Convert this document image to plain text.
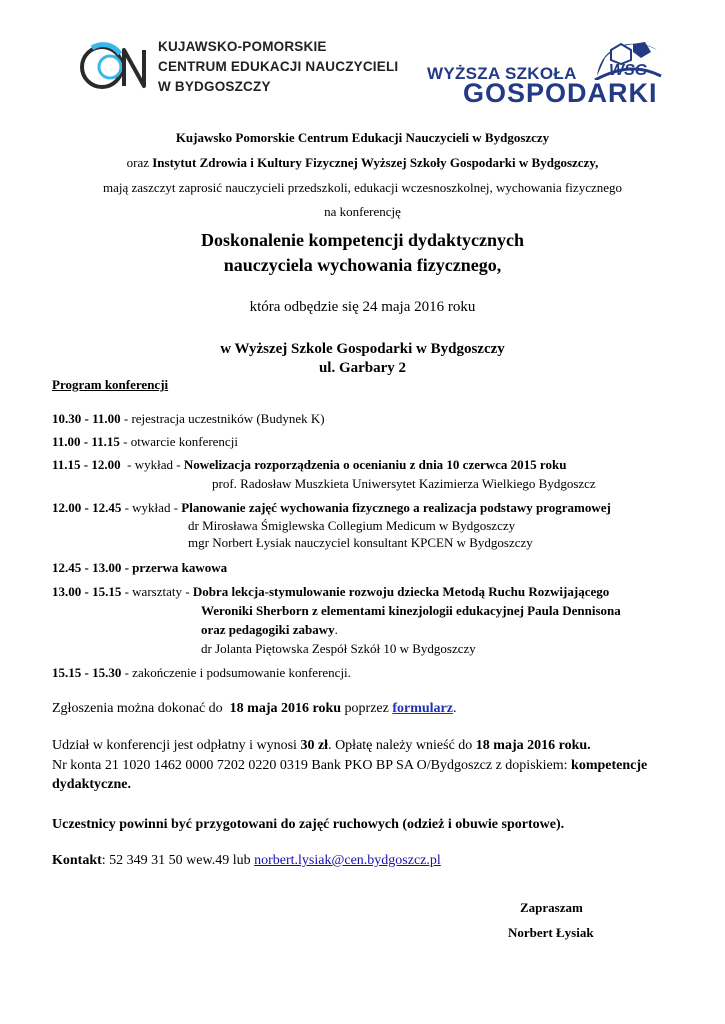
KUJAWSKO-POMORSKIE
CENTRUM EDUKACJI NAUCZYCIELI
W BYDGOSZCZY
WYŻSZA SZKOŁA
GOSPODARKI
WSG
Kujawsko Pomorskie Centrum Edukacji Nauczycieli w Bydgoszczy
oraz Instytut Zdrowia i Kultury Fizycznej Wyższej Szkoły Gospodarki w Bydgoszczy,
mają zaszczyt zaprosić nauczycieli przedszkoli, edukacji wczesnoszkolnej, wychowania fizycznego
na konferencję
Doskonalenie kompetencji dydaktycznych
nauczyciela wychowania fizycznego,
która odbędzie się 24 maja 2016 roku
w Wyższej Szkole Gospodarki w Bydgoszczy
ul. Garbary 2
Program konferencji
10.30 - 11.00 - rejestracja uczestników (Budynek K)
11.00 - 11.15 - otwarcie konferencji
11.15 - 12.00  - wykład - Nowelizacja rozporządzenia o ocenianiu z dnia 10 czerwca 2015 roku
prof. Radosław Muszkieta Uniwersytet Kazimierza Wielkiego Bydgoszcz
12.00 - 12.45 - wykład - Planowanie zajęć wychowania fizycznego a realizacja podstawy programowej
dr Mirosława Śmiglewska Collegium Medicum w Bydgoszczy
mgr Norbert Łysiak nauczyciel konsultant KPCEN w Bydgoszczy
12.45 - 13.00 - przerwa kawowa
13.00 - 15.15 - warsztaty - Dobra lekcja-stymulowanie rozwoju dziecka Metodą Ruchu Rozwijającego
Weroniki Sherborn z elementami kinezjologii edukacyjnej Paula Dennisona
oraz pedagogiki zabawy.
dr Jolanta Piętowska Zespół Szkół 10 w Bydgoszczy
15.15 - 15.30 - zakończenie i podsumowanie konferencji.
Zgłoszenia można dokonać do  18 maja 2016 roku poprzez formularz.
Udział w konferencji jest odpłatny i wynosi 30 zł. Opłatę należy wnieść do 18 maja 2016 roku.
Nr konta 21 1020 1462 0000 7202 0220 0319 Bank PKO BP SA O/Bydgoszcz z dopiskiem: kompetencje
dydaktyczne.
Uczestnicy powinni być przygotowani do zajęć ruchowych (odzież i obuwie sportowe).
Kontakt: 52 349 31 50 wew.49 lub norbert.lysiak@cen.bydgoszcz.pl
Zapraszam
Norbert Łysiak
